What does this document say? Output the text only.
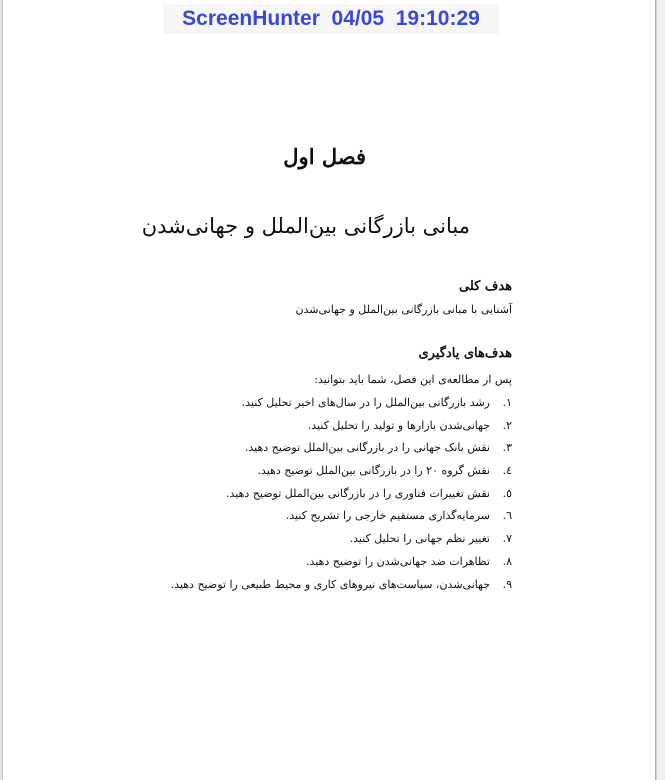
فصل اول
مبانی بازرگانی بین‌الملل و جهانی‌شدن
هدف کلی
آشنایی با مبانی بازرگانی بین‌الملل و جهانی‌شدن
هدف‌های یادگیری
پس از مطالعه‌ی این فصل، شما باید بتوانید:
۱.رشد بازرگانی بین‌الملل را در سال‌های اخیر تحلیل کنید.
۲.جهانی‌شدن بازارها و تولید را تحلیل کنید.
۳.نقش بانک جهانی را در بازرگانی بین‌الملل توضیح دهید.
٤.نقش گروه ۲۰ را در بازرگانی بین‌الملل توضیح دهید.
٥.نقش تغییرات فناوری را در بازرگانی بین‌الملل توضیح دهید.
٦.سرمایه‌گذاری مستقیم خارجی را تشریح کنید.
۷.تغییر نظم جهانی را تحلیل کنید.
۸.تظاهرات ضد جهانی‌شدن را توضیح دهید.
۹.جهانی‌شدن، سیاست‌های نیروهای کاری و محیط طبیعی را توضیح دهید.
ScreenHunter  04/05  19:10:29
